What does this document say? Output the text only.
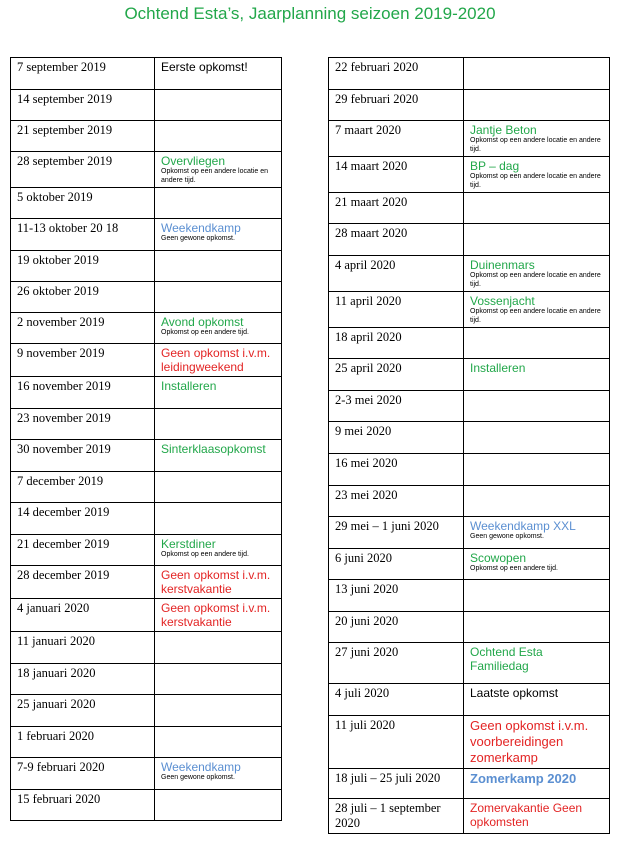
Ochtend Esta’s, Jaarplanning seizoen 2019-2020
7 september 2019	Eerste opkomst!

14 september 2019	
21 september 2019	
28 september 2019	Overvliegen
Opkomst op een andere locatie en andere tijd.

5 oktober 2019	
11-13 oktober 20 18	Weekendkamp
Geen gewone opkomst.

19 oktober 2019	
26 oktober 2019	
2 november 2019	Avond opkomst
Opkomst op een andere tijd.

9 november 2019	Geen opkomst i.v.m. leidingweekend

16 november 2019	Installeren

23 november 2019	
30 november 2019	Sinterklaasopkomst

7 december 2019	
14 december 2019	
21 december 2019	Kerstdiner
Opkomst op een andere tijd.

28 december 2019	Geen opkomst i.v.m. kerstvakantie

4 januari 2020	Geen opkomst i.v.m. kerstvakantie

11 januari 2020	
18 januari 2020	
25 januari 2020	
1 februari 2020	
7-9 februari 2020	Weekendkamp
Geen gewone opkomst.

15 februari 2020	
22 februari 2020	
29 februari 2020	
7 maart 2020	Jantje Beton
Opkomst op een andere locatie en andere tijd.

14 maart 2020	BP – dag
Opkomst op een andere locatie en andere tijd.

21 maart 2020	
28 maart 2020	
4 april 2020	Duinenmars
Opkomst op een andere locatie en andere tijd.

11 april 2020	Vossenjacht
Opkomst op een andere locatie en andere tijd.

18 april 2020	
25 april 2020	Installeren

2-3 mei 2020	
9 mei 2020	
16 mei 2020	
23 mei 2020	
29 mei – 1 juni 2020	Weekendkamp XXL
Geen gewone opkomst.

6 juni 2020	Scowopen
Opkomst op een andere tijd.

13 juni 2020	
20 juni 2020	
27 juni 2020	Ochtend Esta Familiedag

4 juli 2020	Laatste opkomst

11 juli 2020	Geen opkomst i.v.m. voorbereidingen zomerkamp

18 juli – 25 juli 2020	Zomerkamp 2020

28 juli – 1 september 2020	Zomervakantie Geen opkomsten
